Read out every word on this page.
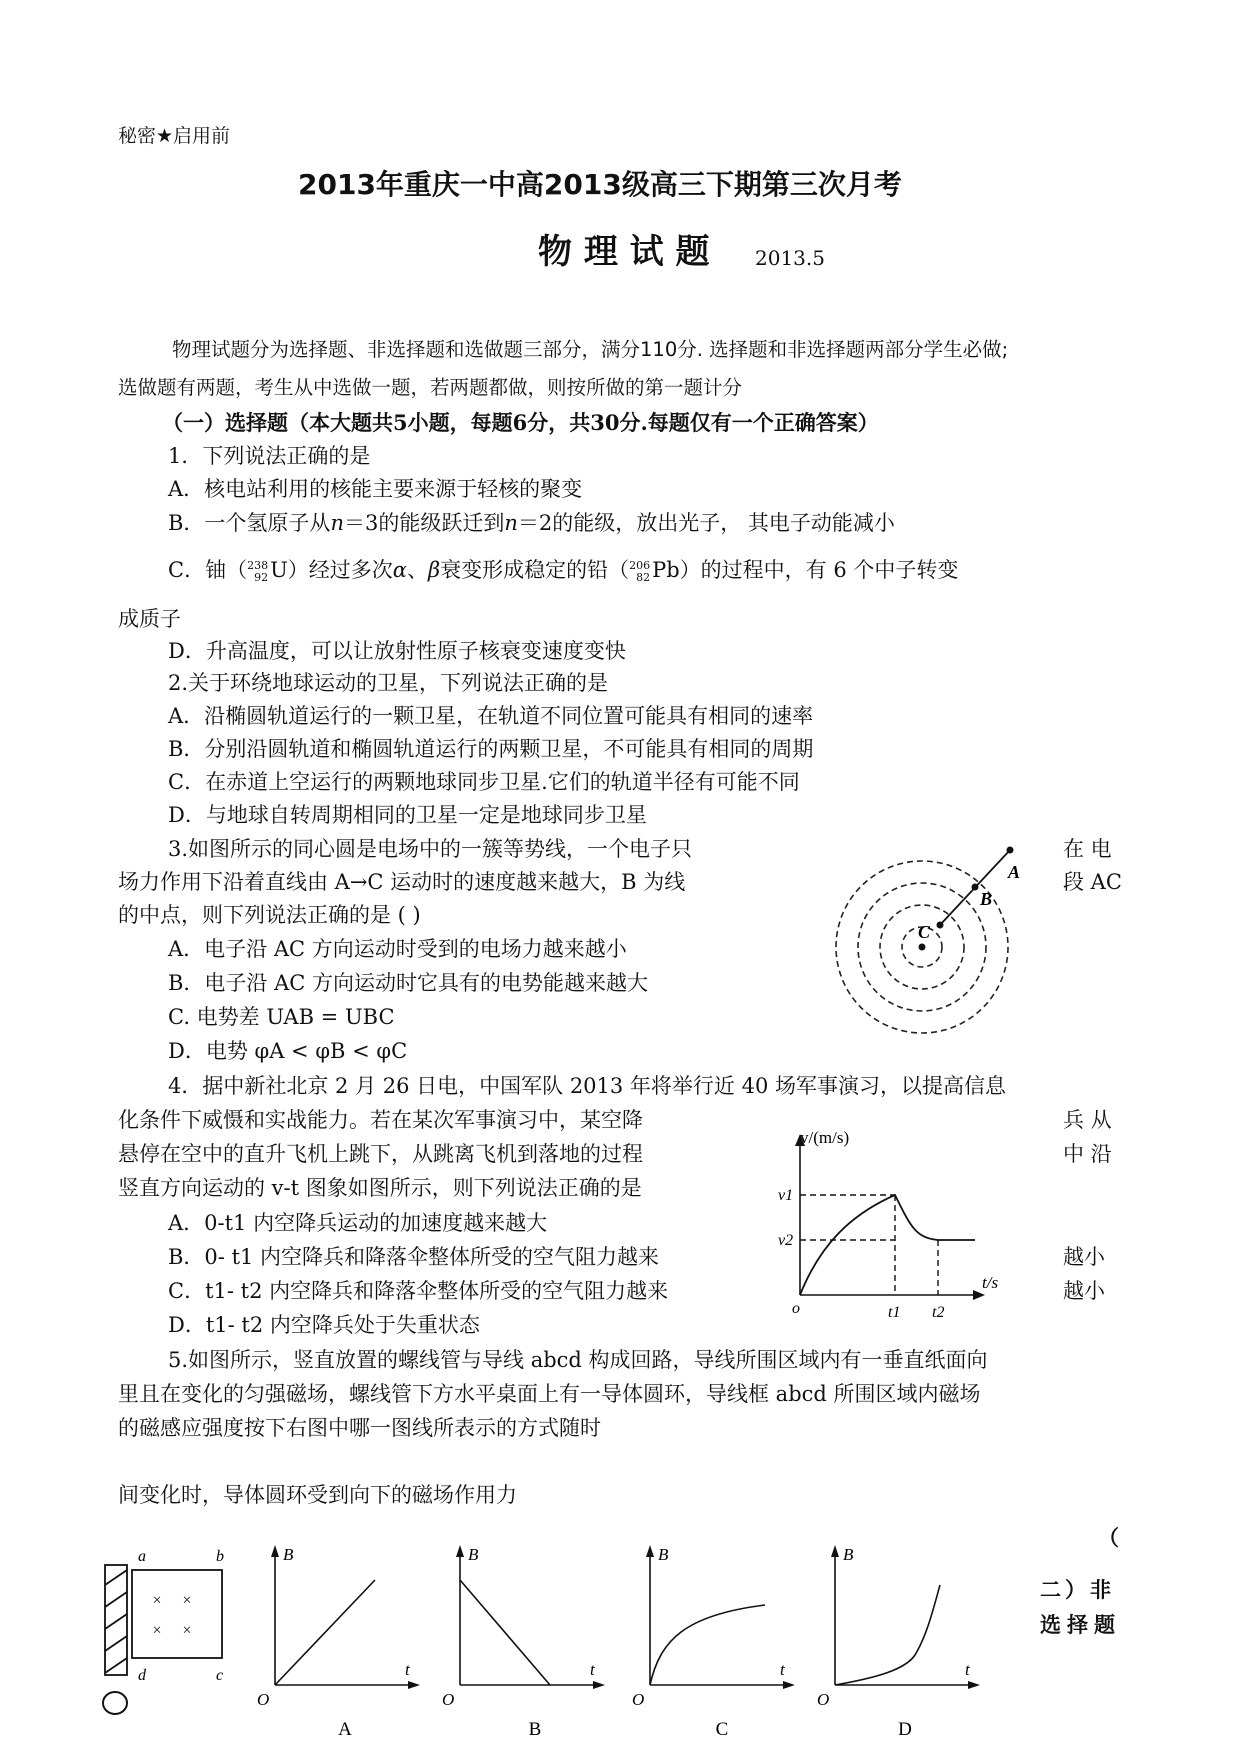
秘密★启用前
2013年重庆一中高2013级高三下期第三次月考
物 理 试 题 2013.5
物理试题分为选择题、非选择题和选做题三部分，满分110分. 选择题和非选择题两部分学生必做;
选做题有两题，考生从中选做一题，若两题都做，则按所做的第一题计分
（一）选择题（本大题共5小题，每题6分，共30分.每题仅有一个正确答案）
1．下列说法正确的是
A．核电站利用的核能主要来源于轻核的聚变
B．一个氢原子从n＝3的能级跃迁到n＝2的能级，放出光子， 其电子动能减小
C．铀（ 238
92 U）经过多次α、β衰变形成稳定的铅（ 206
82 Pb）的过程中，有 6 个中子转变
成质子
D．升高温度，可以让放射性原子核衰变速度变快
2.关于环绕地球运动的卫星，下列说法正确的是
A．沿椭圆轨道运行的一颗卫星，在轨道不同位置可能具有相同的速率
B．分别沿圆轨道和椭圆轨道运行的两颗卫星，不可能具有相同的周期
C．在赤道上空运行的两颗地球同步卫星.它们的轨道半径有可能不同
D．与地球自转周期相同的卫星一定是地球同步卫星
3.如图所示的同心圆是电场中的一簇等势线，一个电子只	在 电
场力作用下沿着直线由 A→C 运动时的速度越来越大，B 为线	段 AC
的中点，则下列说法正确的是 ( )
A．电子沿 AC 方向运动时受到的电场力越来越小
B．电子沿 AC 方向运动时它具有的电势能越来越大
C. 电势差 UAB = UBC
D．电势 φA < φB < φC
A
B
C
4．据中新社北京 2 月 26 日电，中国军队 2013 年将举行近 40 场军事演习，以提高信息
化条件下威慑和实战能力。若在某次军事演习中，某空降	兵 从
悬停在空中的直升飞机上跳下，从跳离飞机到落地的过程	中 沿
竖直方向运动的 v-t 图象如图所示，则下列说法正确的是
A．0-t1 内空降兵运动的加速度越来越大
B．0- t1 内空降兵和降落伞整体所受的空气阻力越来	越小
C．t1- t2 内空降兵和降落伞整体所受的空气阻力越来	越小
D．t1- t2 内空降兵处于失重状态
v/(m/s)
t/s
v1
v2
t1 t2
o
5.如图所示，竖直放置的螺线管与导线 abcd 构成回路，导线所围区域内有一垂直纸面向
里且在变化的匀强磁场，螺线管下方水平桌面上有一导体圆环，导线框 abcd 所围区域内磁场
的磁感应强度按下右图中哪一图线所表示的方式随时
间变化时，导体圆环受到向下的磁场作用力
× ×
× ×
a	b
c
d
B
t
O
A
B
t
O
B
B
t
O
C
B
t
O
D
（
二）非
选择题
